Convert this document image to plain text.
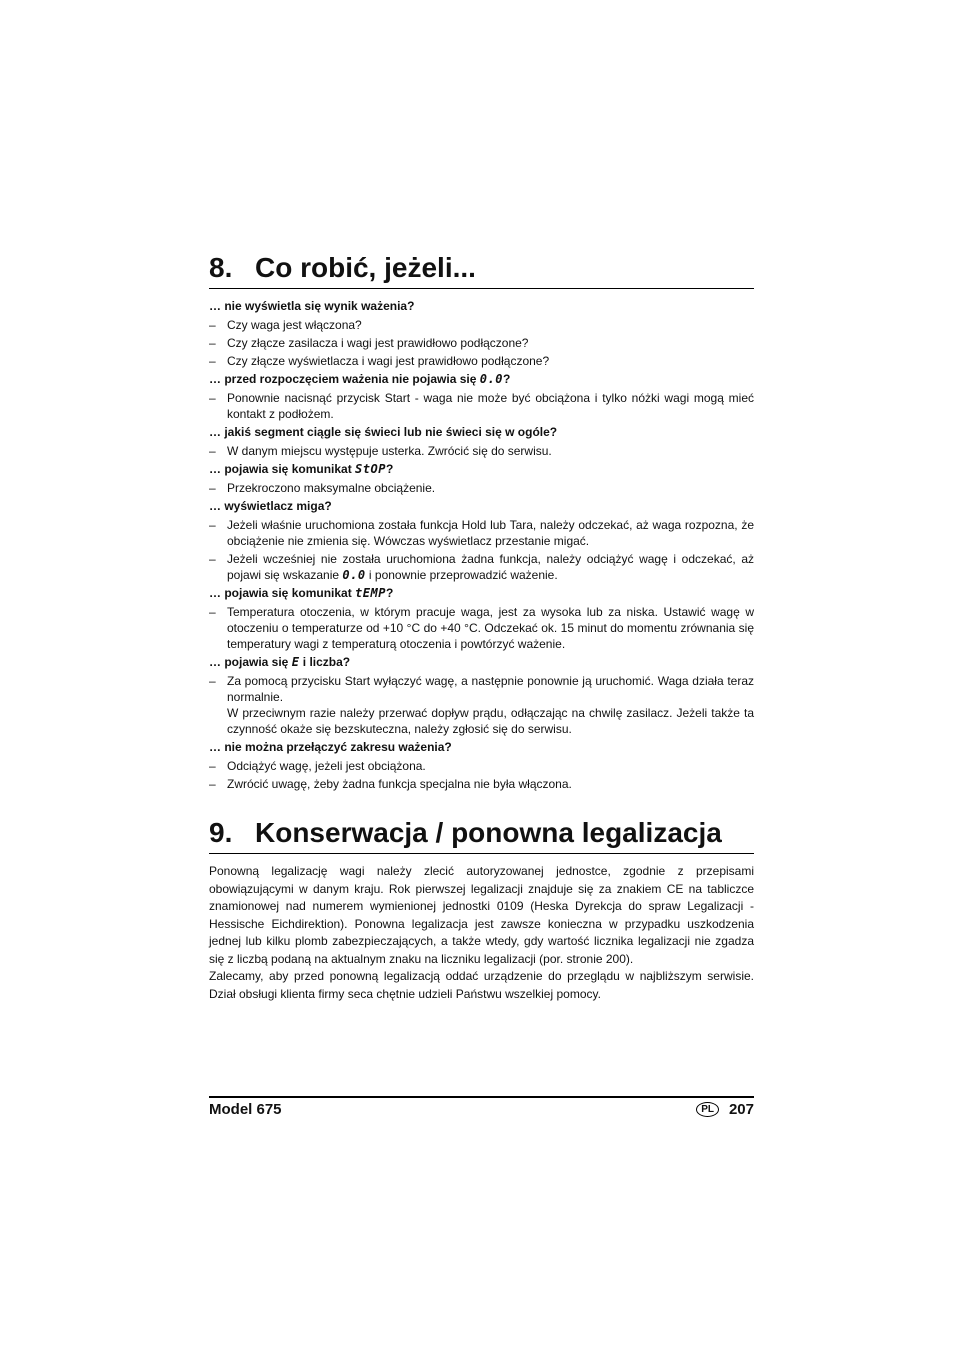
8. Co robić, jeżeli...
… nie wyświetla się wynik ważenia?
– Czy waga jest włączona?
– Czy złącze zasilacza i wagi jest prawidłowo podłączone?
– Czy złącze wyświetlacza i wagi jest prawidłowo podłączone?
… przed rozpoczęciem ważenia nie pojawia się 0.0?
– Ponownie nacisnąć przycisk Start - waga nie może być obciążona i tylko nóżki wagi mogą mieć kontakt z podłożem.
… jakiś segment ciągle się świeci lub nie świeci się w ogóle?
– W danym miejscu występuje usterka. Zwrócić się do serwisu.
… pojawia się komunikat StOP?
– Przekroczono maksymalne obciążenie.
… wyświetlacz miga?
– Jeżeli właśnie uruchomiona została funkcja Hold lub Tara, należy odczekać, aż waga rozpozna, że obciążenie nie zmienia się. Wówczas wyświetlacz przestanie migać.
– Jeżeli wcześniej nie została uruchomiona żadna funkcja, należy odciążyć wagę i odczekać, aż pojawi się wskazanie 0.0 i ponownie przeprowadzić ważenie.
… pojawia się komunikat tEMP?
– Temperatura otoczenia, w którym pracuje waga, jest za wysoka lub za niska. Ustawić wagę w otoczeniu o temperaturze od +10 °C do +40 °C. Odczekać ok. 15 minut do momentu zrównania się temperatury wagi z temperaturą otoczenia i powtórzyć ważenie.
… pojawia się E i liczba?
– Za pomocą przycisku Start wyłączyć wagę, a następnie ponownie ją uruchomić. Waga działa teraz normalnie.

W przeciwnym razie należy przerwać dopływ prądu, odłączając na chwilę zasilacz. Jeżeli także ta czynność okaże się bezskuteczna, należy zgłosić się do serwisu.

… nie można przełączyć zakresu ważenia?
– Odciążyć wagę, jeżeli jest obciążona.
– Zwrócić uwagę, żeby żadna funkcja specjalna nie była włączona.
9. Konserwacja / ponowna legalizacja

Ponowną legalizację wagi należy zlecić autoryzowanej jednostce, zgodnie z przepisami obowiązującymi w danym kraju. Rok pierwszej legalizacji znajduje się za znakiem CE na tabliczce znamionowej nad numerem wymienionej jednostki 0109 (Heska Dyrekcja do spraw Legalizacji - Hessische Eichdirektion). Ponowna legalizacja jest zawsze konieczna w przypadku uszkodzenia jednej lub kilku plomb zabezpieczających, a także wtedy, gdy wartość licznika legalizacji nie zgadza się z liczbą podaną na aktualnym znaku na liczniku legalizacji (por. stronie 200).

Zalecamy, aby przed ponowną legalizacją oddać urządzenie do przeglądu w najbliższym serwisie. Dział obsługi klienta firmy seca chętnie udzieli Państwu wszelkiej pomocy.

Model 675	PL	207
